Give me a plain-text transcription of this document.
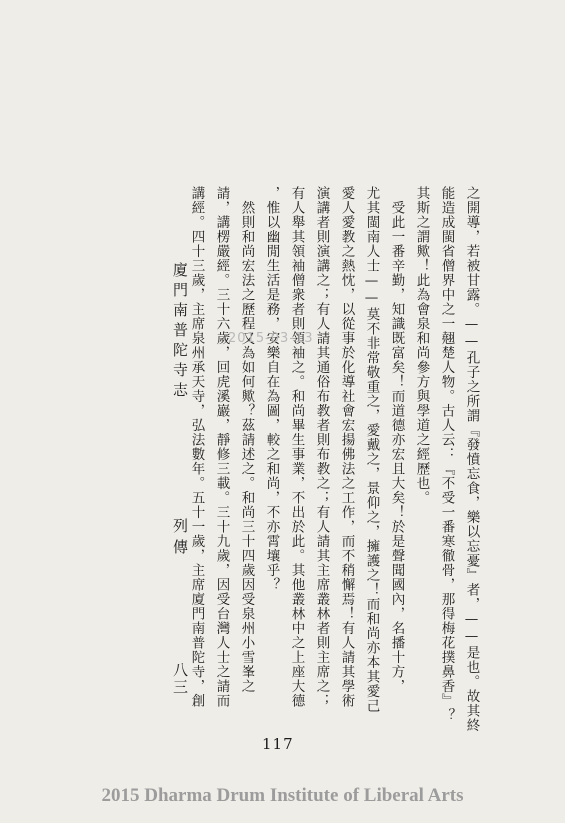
之開導，若被甘露。——孔子之所謂『發憤忘食，樂以忘憂』者，——是也。故其終
能造成閩省僧界中之一翹楚人物。古人云：『不受一番寒徹骨，那得梅花撲鼻香』？
其斯之謂歟！此為會泉和尚參方與學道之經歷也。
　受此一番辛勤，知識既富矣！而道德亦宏且大矣！於是聲聞國內，名播十方，
尤其閩南人士——莫不非常敬重之，愛戴之，景仰之，擁護之！而和尚亦本其愛己
愛人愛教之熱忱，以從事於化導社會宏揚佛法之工作，而不稍懈焉！有人請其學術
演講者則演講之；有人請其通俗布教者則布教之；有人請其主席叢林者則主席之；
有人舉其領袖僧衆者則領袖之。和尚畢生事業，不出於此。其他叢林中之上座大德
，惟以幽閒生活是務，安樂自在為圖，較之和尚，不亦霄壤乎？
　然則和尚宏法之歷程又為如何歟？茲請述之。和尚三十四歲因受泉州小雪峯之
請，講楞嚴經。三十六歲，回虎溪巖，靜修三載。三十九歲，因受台灣人士之請而
講經。四十三歲，主席泉州承天寺，弘法數年。五十一歲，主席廈門南普陀寺，創
廈門南普陀寺志
列傳
八三
2015-03-13
117
2015 Dharma Drum Institute of Liberal Arts
